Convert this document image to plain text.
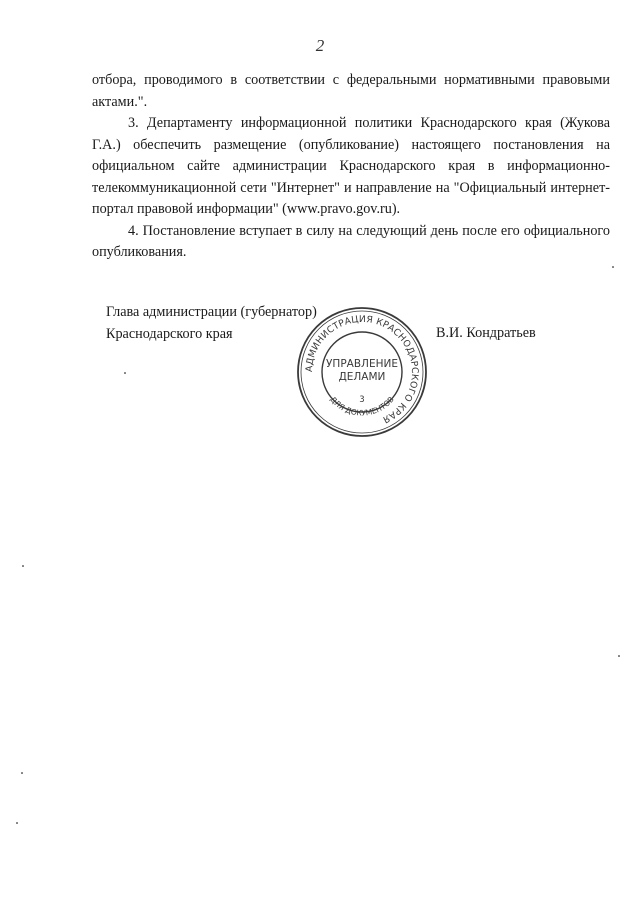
2

отбора, проводимого в соответствии с федеральными нормативными правовыми актами.".

3. Департаменту информационной политики Краснодарского края (Жукова Г.А.) обеспечить размещение (опубликование) настоящего постановления на официальном сайте администрации Краснодарского края в информационно-телекоммуникационной сети "Интернет" и направление на "Официальный интернет-портал правовой информации" (www.pravo.gov.ru).

4. Постановление вступает в силу на следующий день после его официального опубликования.

Глава администрации (губернатор)
Краснодарского края	В.И. Кондратьев
АДМИНИСТРАЦИЯ КРАСНОДАРСКОГО КРАЯ
УПРАВЛЕНИЕ
ДЕЛАМИ
3
ДЛЯ ДОКУМЕНТОВ
